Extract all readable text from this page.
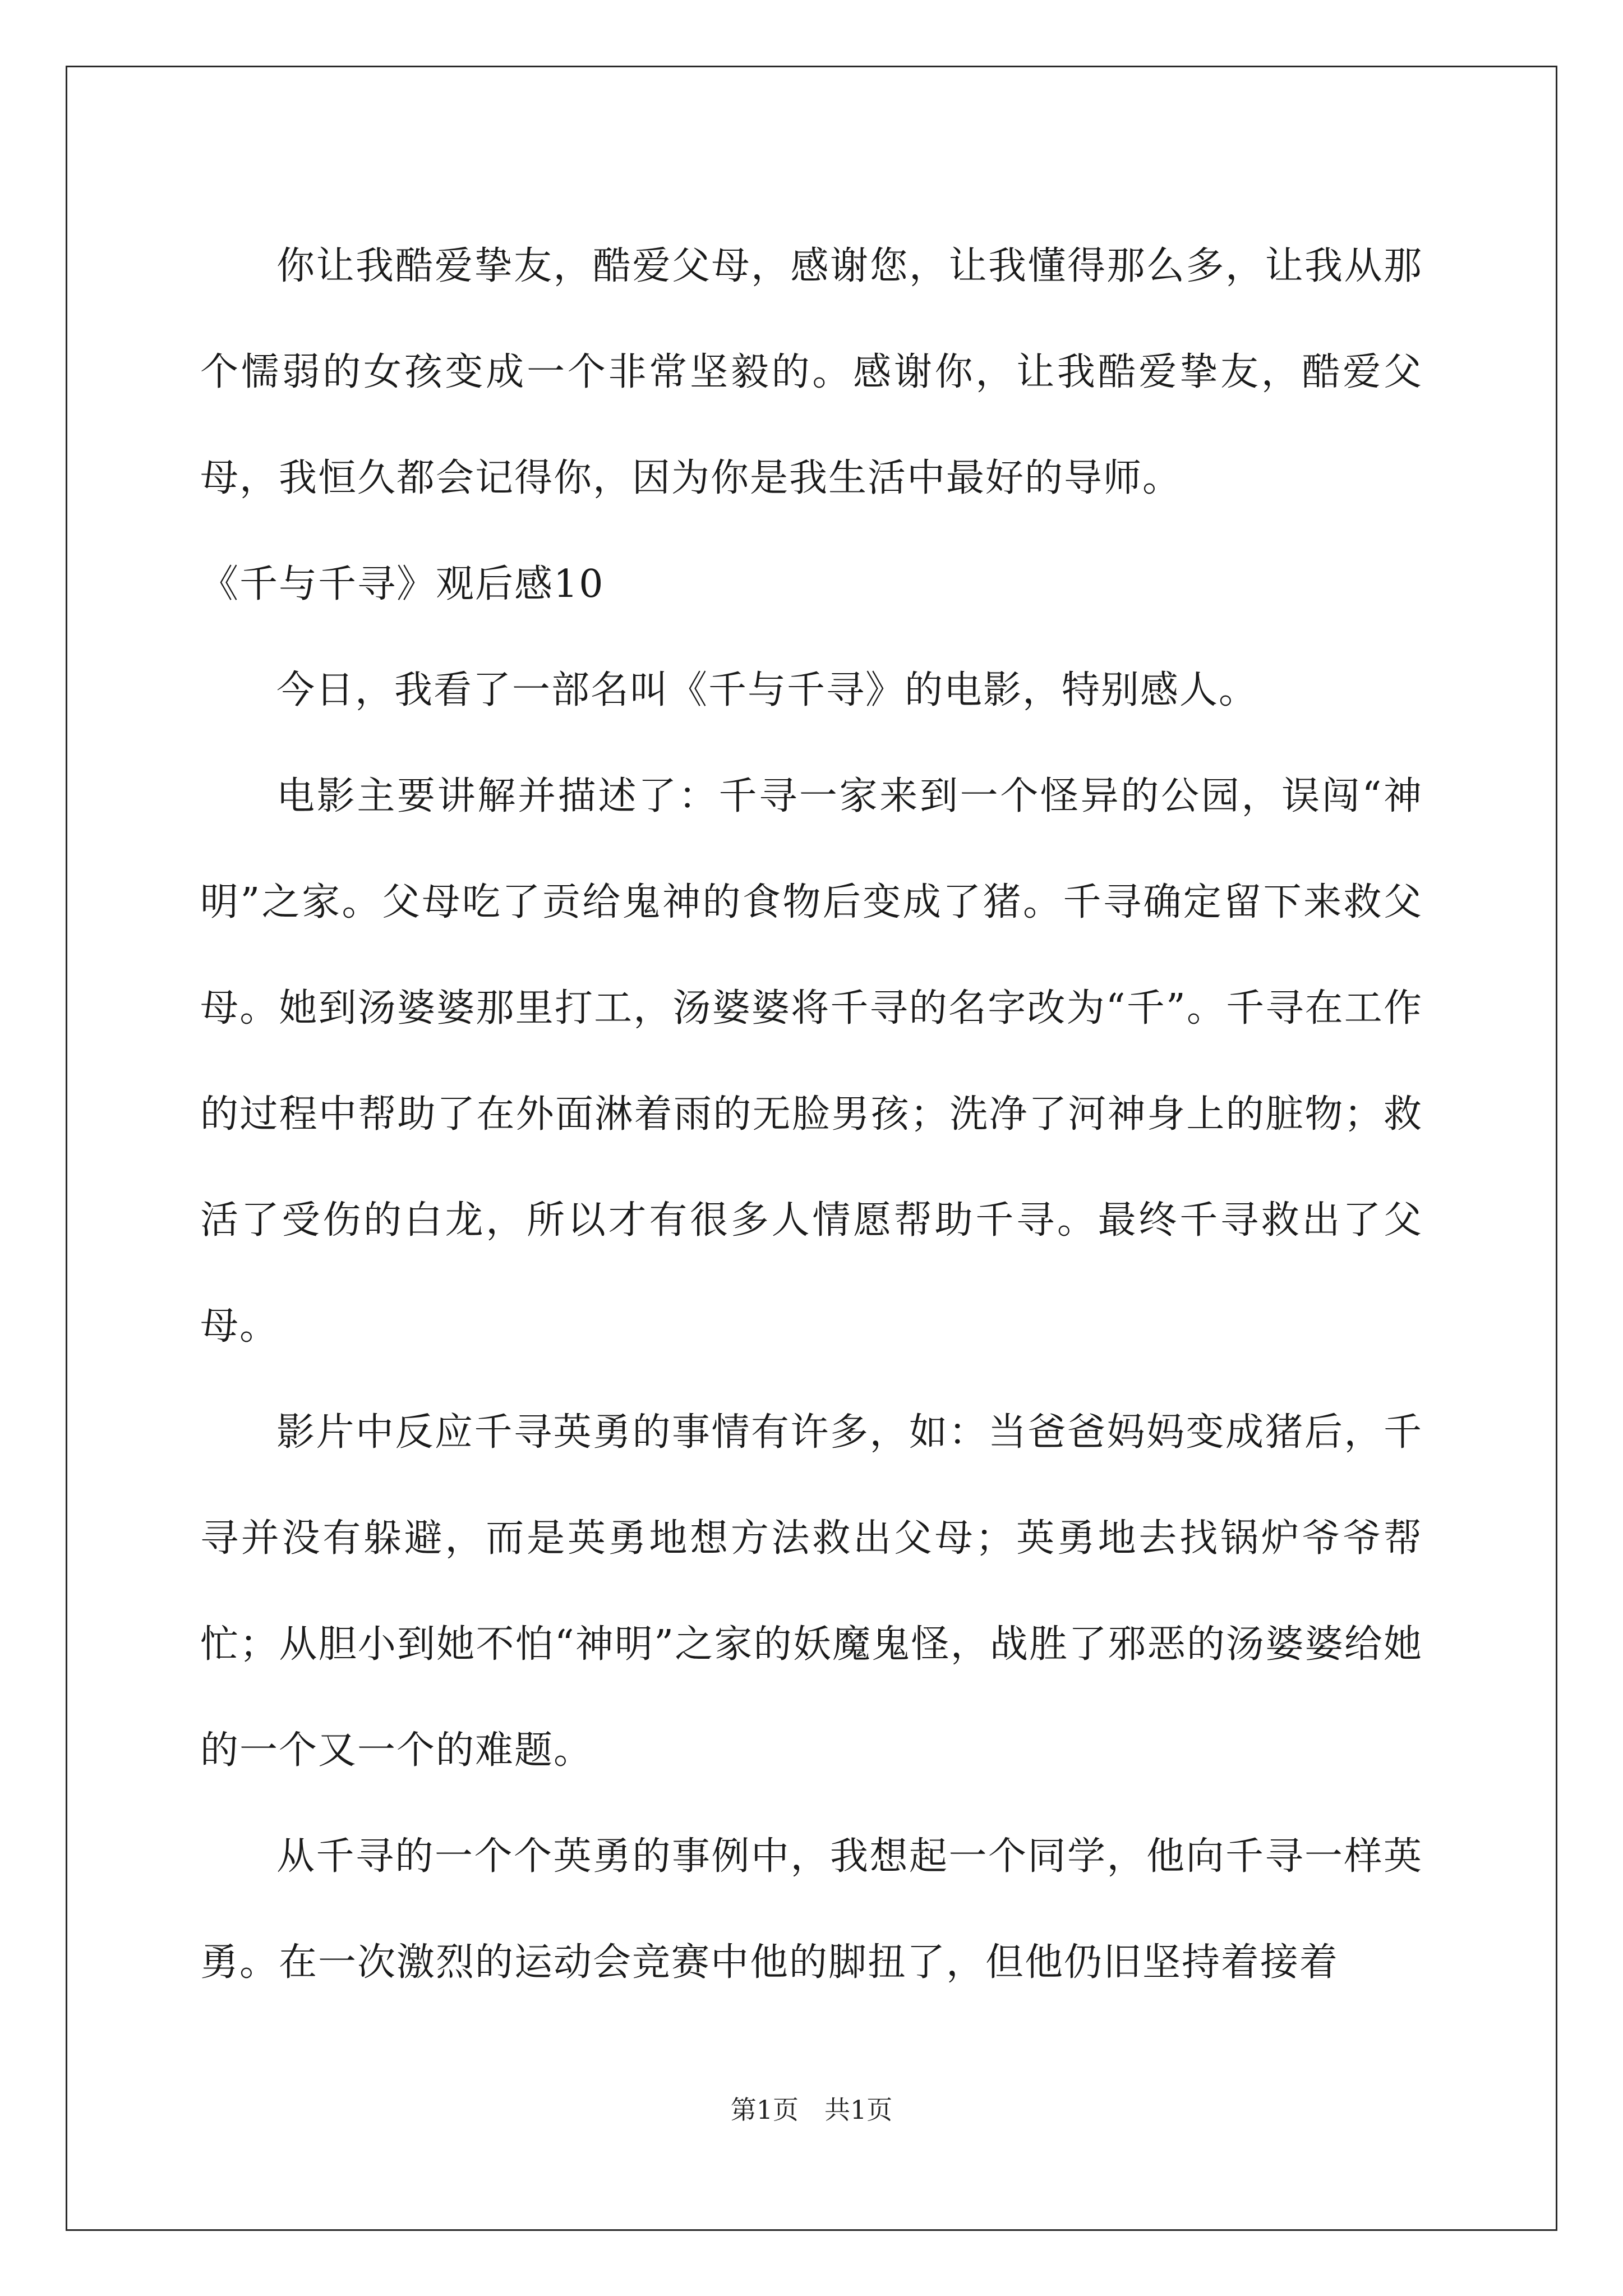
你让我酷爱挚友，酷爱父母，感谢您，让我懂得那么多，让我从那个懦弱的女孩变成一个非常坚毅的。感谢你，让我酷爱挚友，酷爱父母，我恒久都会记得你，因为你是我生活中最好的导师。

《千与千寻》观后感10

今日，我看了一部名叫《千与千寻》的电影，特别感人。

电影主要讲解并描述了：千寻一家来到一个怪异的公园，误闯“神明”之家。父母吃了贡给鬼神的食物后变成了猪。千寻确定留下来救父母。她到汤婆婆那里打工，汤婆婆将千寻的名字改为“千”。千寻在工作的过程中帮助了在外面淋着雨的无脸男孩；洗净了河神身上的脏物；救活了受伤的白龙，所以才有很多人情愿帮助千寻。最终千寻救出了父母。

影片中反应千寻英勇的事情有许多，如：当爸爸妈妈变成猪后，千寻并没有躲避，而是英勇地想方法救出父母；英勇地去找锅炉爷爷帮忙；从胆小到她不怕“神明”之家的妖魔鬼怪，战胜了邪恶的汤婆婆给她的一个又一个的难题。

从千寻的一个个英勇的事例中，我想起一个同学，他向千寻一样英勇。在一次激烈的运动会竞赛中他的脚扭了，但他仍旧坚持着接着

第1页　共1页
